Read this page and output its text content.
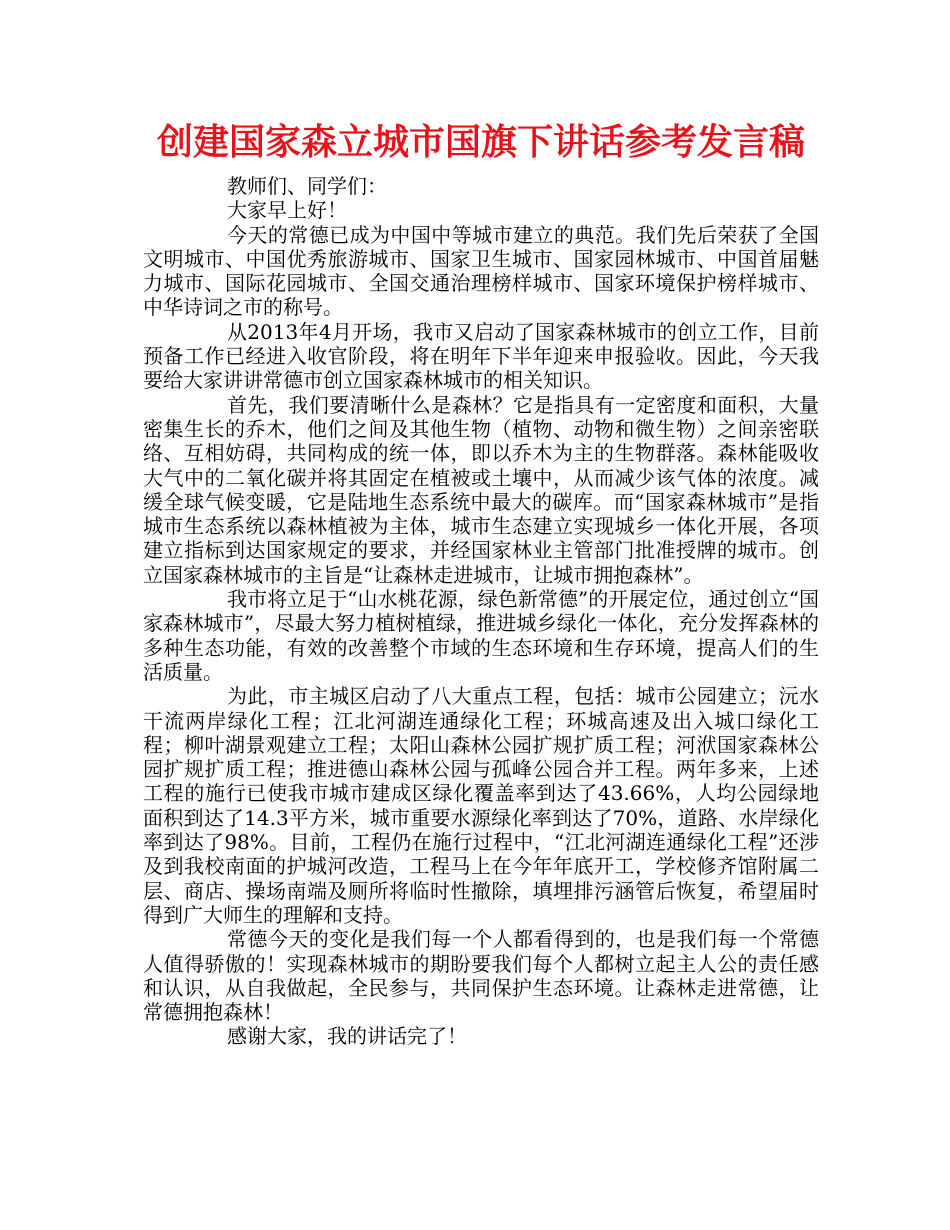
创建国家森立城市国旗下讲话参考发言稿

教师们、同学们：

大家早上好！

今天的常德已成为中国中等城市建立的典范。我们先后荣获了全国文明城市、中国优秀旅游城市、国家卫生城市、国家园林城市、中国首届魅力城市、国际花园城市、全国交通治理榜样城市、国家环境保护榜样城市、中华诗词之市的称号。

从2013年4月开场，我市又启动了国家森林城市的创立工作，目前预备工作已经进入收官阶段，将在明年下半年迎来申报验收。因此，今天我要给大家讲讲常德市创立国家森林城市的相关知识。

首先，我们要清晰什么是森林？它是指具有一定密度和面积，大量密集生长的乔木，他们之间及其他生物（植物、动物和微生物）之间亲密联络、互相妨碍，共同构成的统一体，即以乔木为主的生物群落。森林能吸收大气中的二氧化碳并将其固定在植被或土壤中，从而减少该气体的浓度。减缓全球气候变暖，它是陆地生态系统中最大的碳库。而“国家森林城市”是指城市生态系统以森林植被为主体，城市生态建立实现城乡一体化开展，各项建立指标到达国家规定的要求，并经国家林业主管部门批准授牌的城市。创立国家森林城市的主旨是“让森林走进城市，让城市拥抱森林”。

我市将立足于“山水桃花源，绿色新常德”的开展定位，通过创立“国家森林城市”，尽最大努力植树植绿，推进城乡绿化一体化，充分发挥森林的多种生态功能，有效的改善整个市域的生态环境和生存环境，提高人们的生活质量。

为此，市主城区启动了八大重点工程，包括：城市公园建立；沅水干流两岸绿化工程；江北河湖连通绿化工程；环城高速及出入城口绿化工程；柳叶湖景观建立工程；太阳山森林公园扩规扩质工程；河洑国家森林公园扩规扩质工程；推进德山森林公园与孤峰公园合并工程。两年多来，上述工程的施行已使我市城市建成区绿化覆盖率到达了43.66%，人均公园绿地面积到达了14.3平方米，城市重要水源绿化率到达了70%，道路、水岸绿化率到达了98%。目前，工程仍在施行过程中，“江北河湖连通绿化工程”还涉及到我校南面的护城河改造，工程马上在今年年底开工，学校修齐馆附属二层、商店、操场南端及厕所将临时性撤除，填埋排污涵管后恢复，希望届时得到广大师生的理解和支持。

常德今天的变化是我们每一个人都看得到的，也是我们每一个常德人值得骄傲的！实现森林城市的期盼要我们每个人都树立起主人公的责任感和认识，从自我做起，全民参与，共同保护生态环境。让森林走进常德，让常德拥抱森林！

感谢大家，我的讲话完了！
